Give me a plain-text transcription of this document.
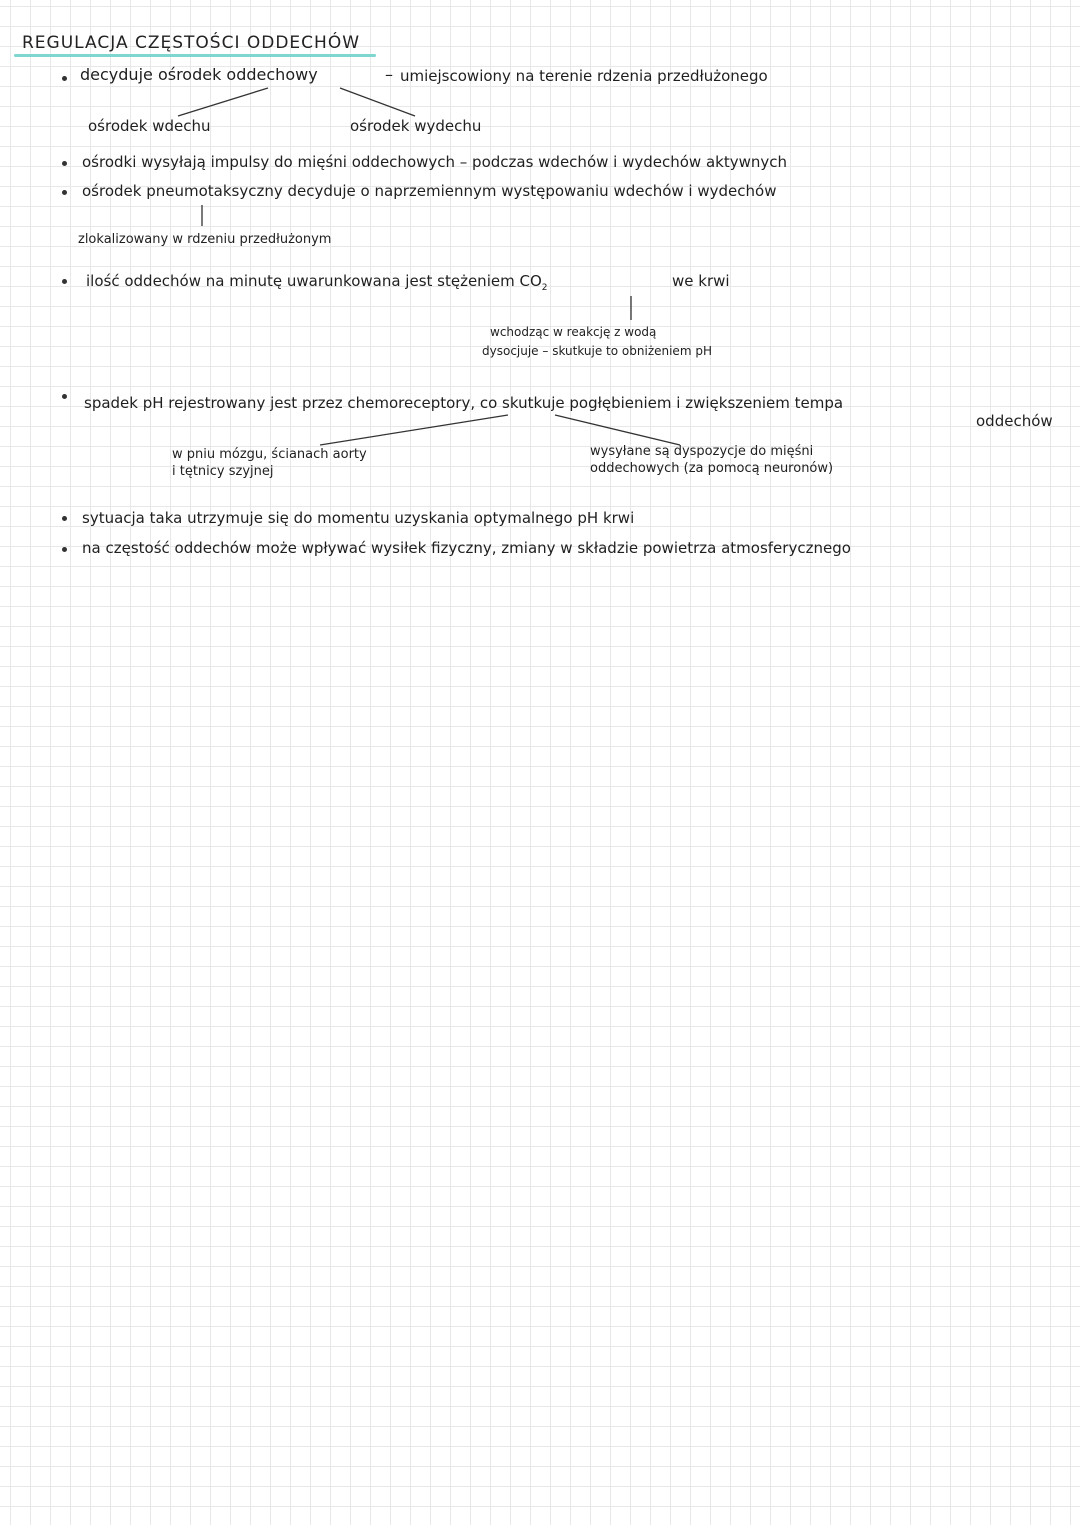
REGULACJA CZĘSTOŚCI ODDECHÓW
decyduje ośrodek oddechowy	– umiejscowiony na terenie rdzenia przedłużonego
ośrodek wdechu	ośrodek wydechu
ośrodki wysyłają impulsy do mięśni oddechowych – podczas wdechów i wydechów aktywnych
ośrodek pneumotaksyczny decyduje o naprzemiennym występowaniu wdechów i wydechów
zlokalizowany w rdzeniu przedłużonym
ilość oddechów na minutę uwarunkowana jest stężeniem $CO_2$	we krwi
wchodząc w reakcję z wodą
dysocjuje – skutkuje to obniżeniem pH
spadek pH rejestrowany jest przez chemoreceptory, co skutkuje pogłębieniem i zwiększeniem tempa
oddechów
w pniu mózgu, ścianach aorty
i tętnicy szyjnej
wysyłane są dyspozycje do mięśni
oddechowych (za pomocą neuronów)
sytuacja taka utrzymuje się do momentu uzyskania optymalnego pH krwi
na częstość oddechów może wpływać wysiłek fizyczny, zmiany w składzie powietrza atmosferycznego
